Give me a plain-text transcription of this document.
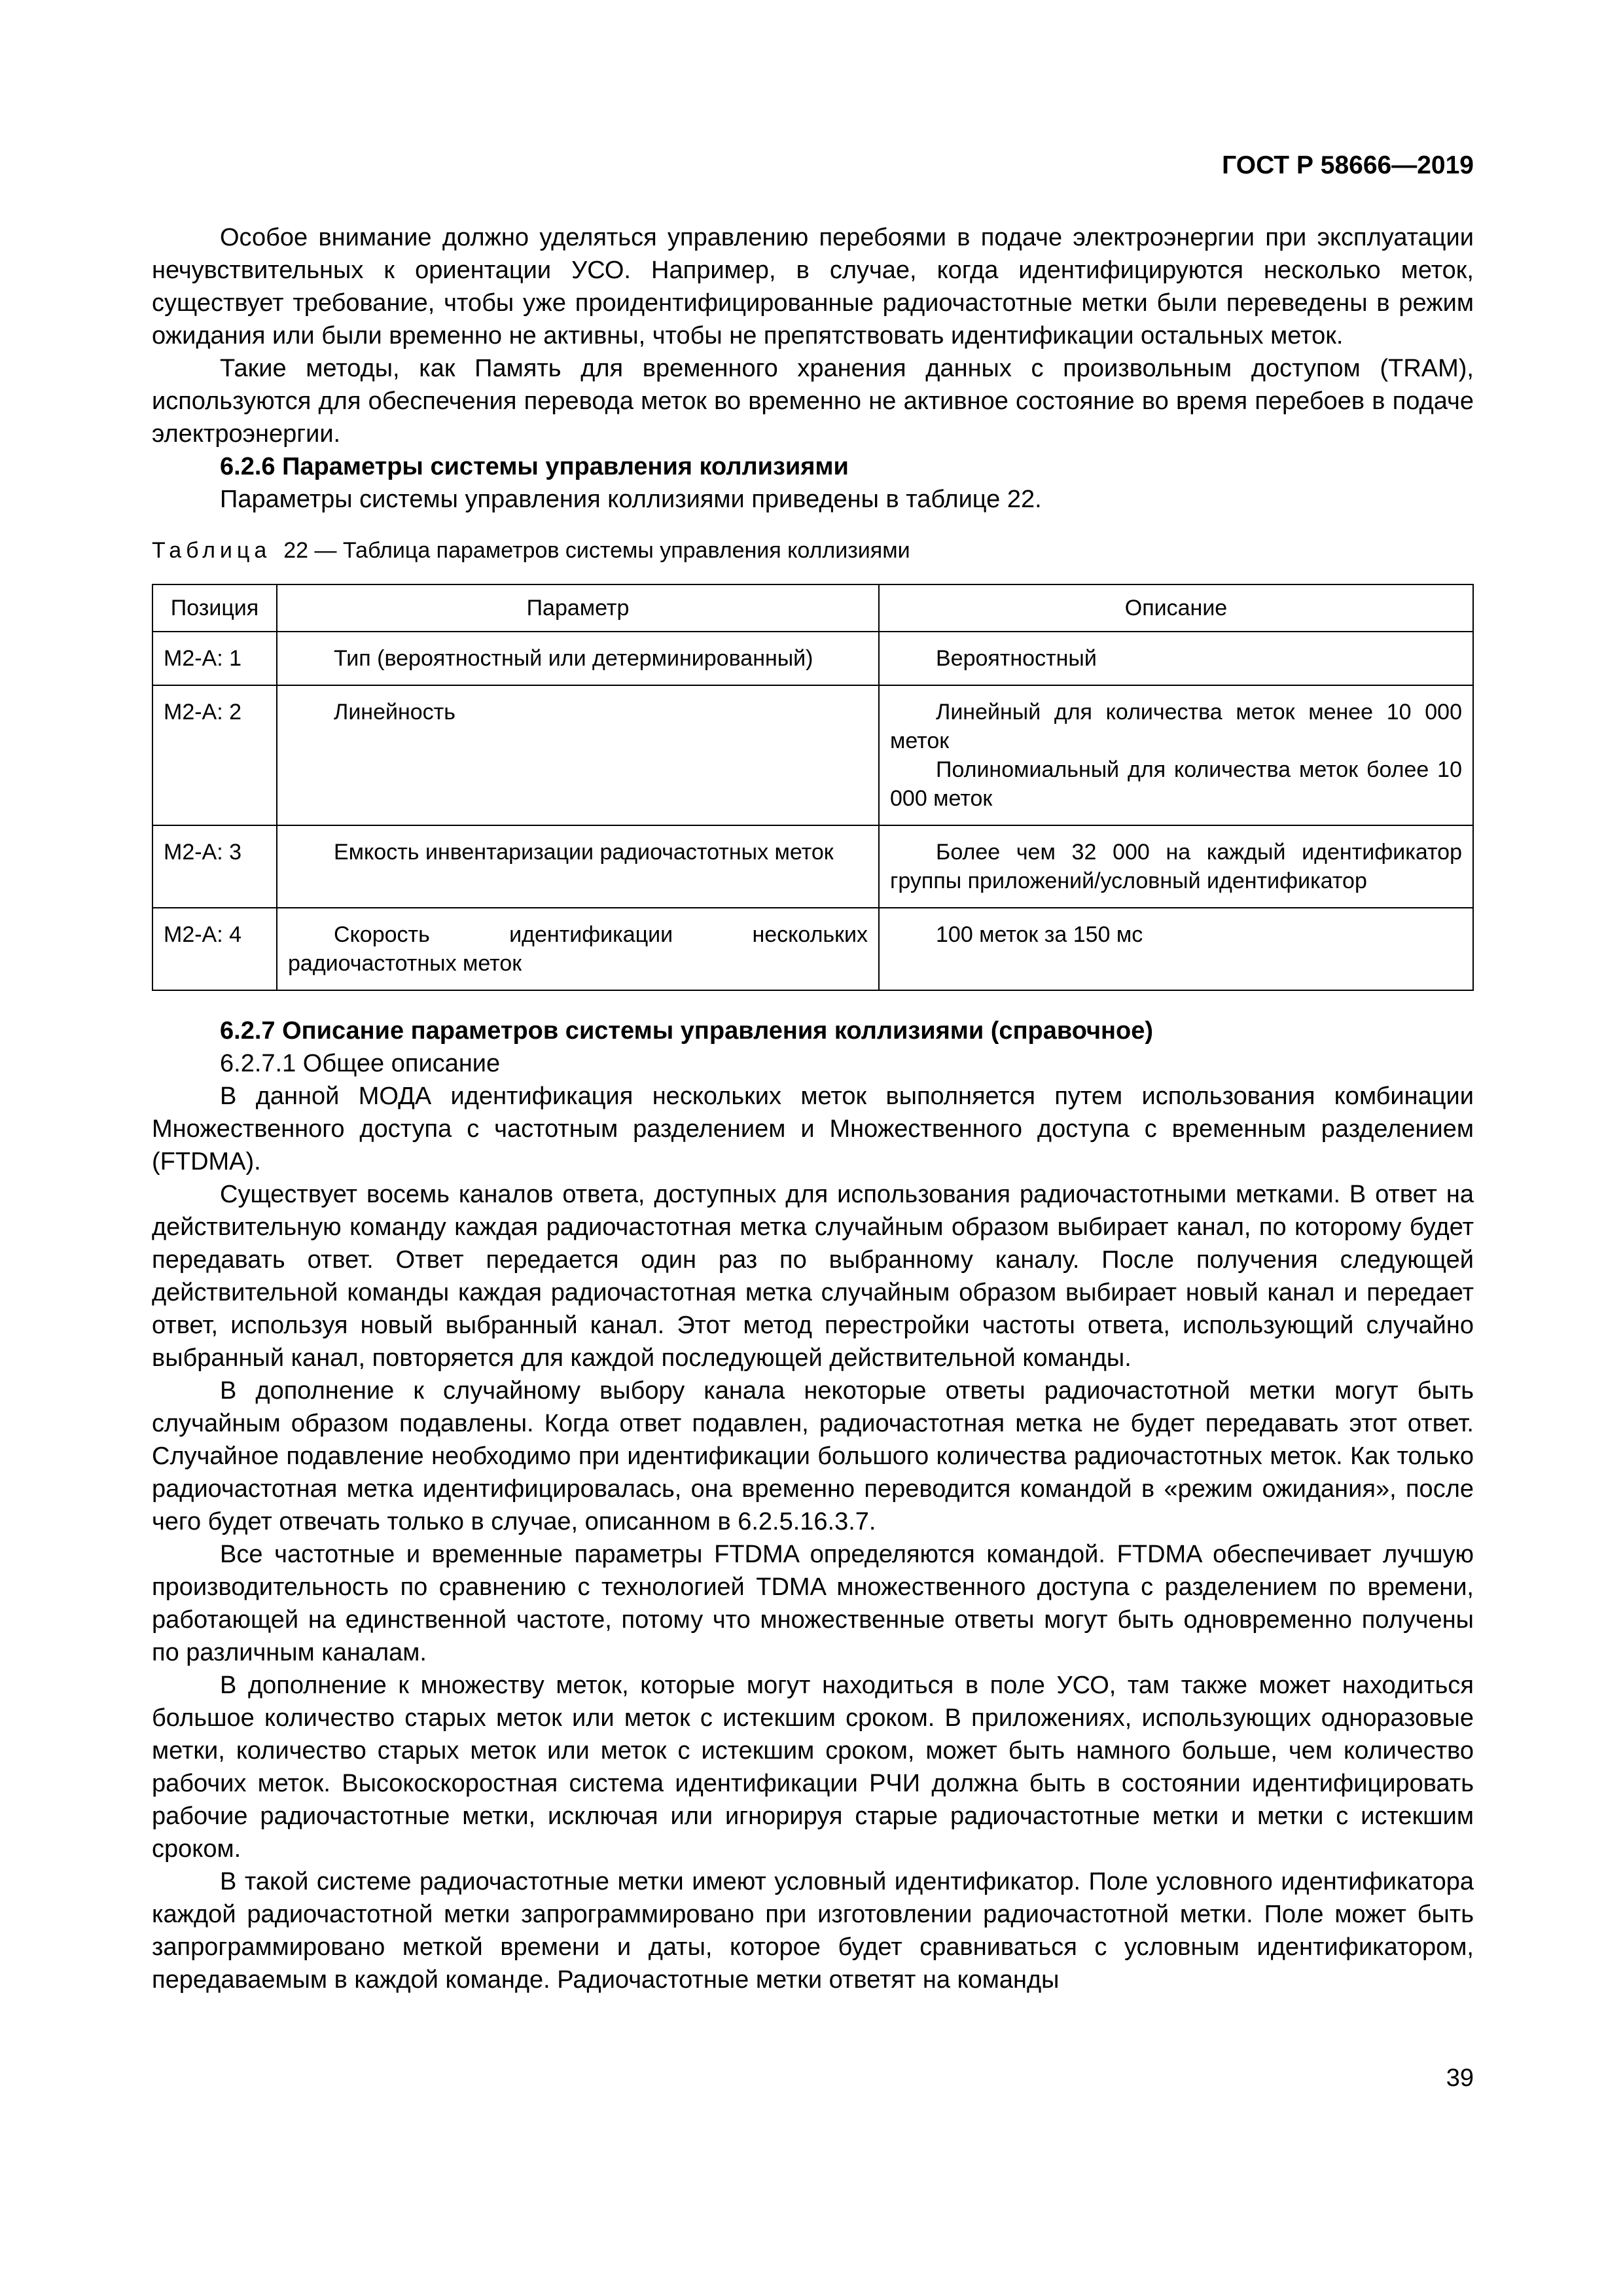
ГОСТ Р 58666—2019

Особое внимание должно уделяться управлению перебоями в подаче электроэнергии при эксплуатации нечувствительных к ориентации УСО. Например, в случае, когда идентифицируются несколько меток, существует требование, чтобы уже проидентифицированные радиочастотные метки были переведены в режим ожидания или были временно не активны, чтобы не препятствовать идентификации остальных меток.

Такие методы, как Память для временного хранения данных с произвольным доступом (TRAM), используются для обеспечения перевода меток во временно не активное состояние во время перебоев в подаче электроэнергии.

6.2.6 Параметры системы управления коллизиями

Параметры системы управления коллизиями приведены в таблице 22.

Таблица 22 — Таблица параметров системы управления коллизиями
Позиция	Параметр	Описание
M2-A: 1	Тип (вероятностный или детерминированный)	Вероятностный

M2-A: 2	Линейность	Линейный для количества меток менее 10 000 меток

Полиномиальный для количества меток более 10 000 меток

M2-A: 3	Емкость инвентаризации радиочастотных меток	Более чем 32 000 на каждый идентификатор группы приложений/условный идентификатор

M2-A: 4	Скорость идентификации нескольких радиочастотных меток	100 меток за 150 мс

6.2.7 Описание параметров системы управления коллизиями (справочное)
6.2.7.1 Общее описание

В данной МОДА идентификация нескольких меток выполняется путем использования комбинации Множественного доступа с частотным разделением и Множественного доступа с временным разделением (FTDMA).

Существует восемь каналов ответа, доступных для использования радиочастотными метками. В ответ на действительную команду каждая радиочастотная метка случайным образом выбирает канал, по которому будет передавать ответ. Ответ передается один раз по выбранному каналу. После получения следующей действительной команды каждая радиочастотная метка случайным образом выбирает новый канал и передает ответ, используя новый выбранный канал. Этот метод перестройки частоты ответа, использующий случайно выбранный канал, повторяется для каждой последующей действительной команды.

В дополнение к случайному выбору канала некоторые ответы радиочастотной метки могут быть случайным образом подавлены. Когда ответ подавлен, радиочастотная метка не будет передавать этот ответ. Случайное подавление необходимо при идентификации большого количества радиочастотных меток. Как только радиочастотная метка идентифицировалась, она временно переводится командой в «режим ожидания», после чего будет отвечать только в случае, описанном в 6.2.5.16.3.7.

Все частотные и временные параметры FTDMA определяются командой. FTDMA обеспечивает лучшую производительность по сравнению с технологией TDMA множественного доступа с разделением по времени, работающей на единственной частоте, потому что множественные ответы могут быть одновременно получены по различным каналам.

В дополнение к множеству меток, которые могут находиться в поле УСО, там также может находиться большое количество старых меток или меток с истекшим сроком. В приложениях, использующих одноразовые метки, количество старых меток или меток с истекшим сроком, может быть намного больше, чем количество рабочих меток. Высокоскоростная система идентификации РЧИ должна быть в состоянии идентифицировать рабочие радиочастотные метки, исключая или игнорируя старые радиочастотные метки и метки с истекшим сроком.

В такой системе радиочастотные метки имеют условный идентификатор. Поле условного идентификатора каждой радиочастотной метки запрограммировано при изготовлении радиочастотной метки. Поле может быть запрограммировано меткой времени и даты, которое будет сравниваться с условным идентификатором, передаваемым в каждой команде. Радиочастотные метки ответят на команды

39
